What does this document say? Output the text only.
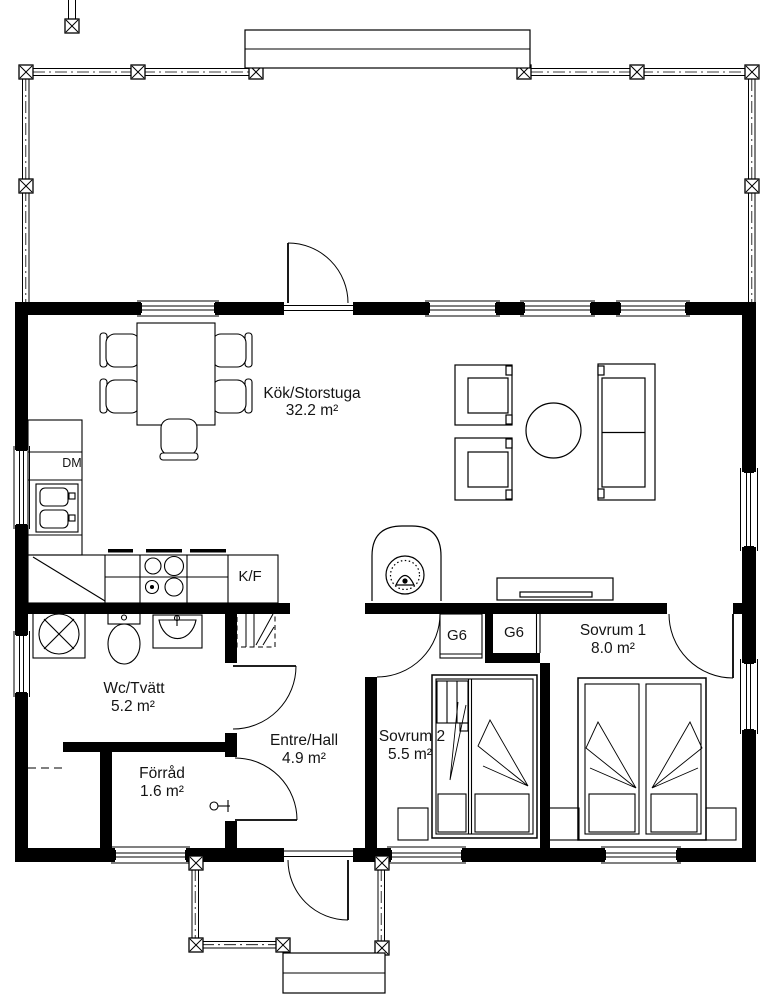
Kök/Storstuga
32.2 m²
Wc/Tvätt
5.2 m²
Förråd
1.6 m²
Entre/Hall
4.9 m²
Sovrum 2
5.5 m²
Sovrum 1
8.0 m²
G6 G6
K/F
DM
